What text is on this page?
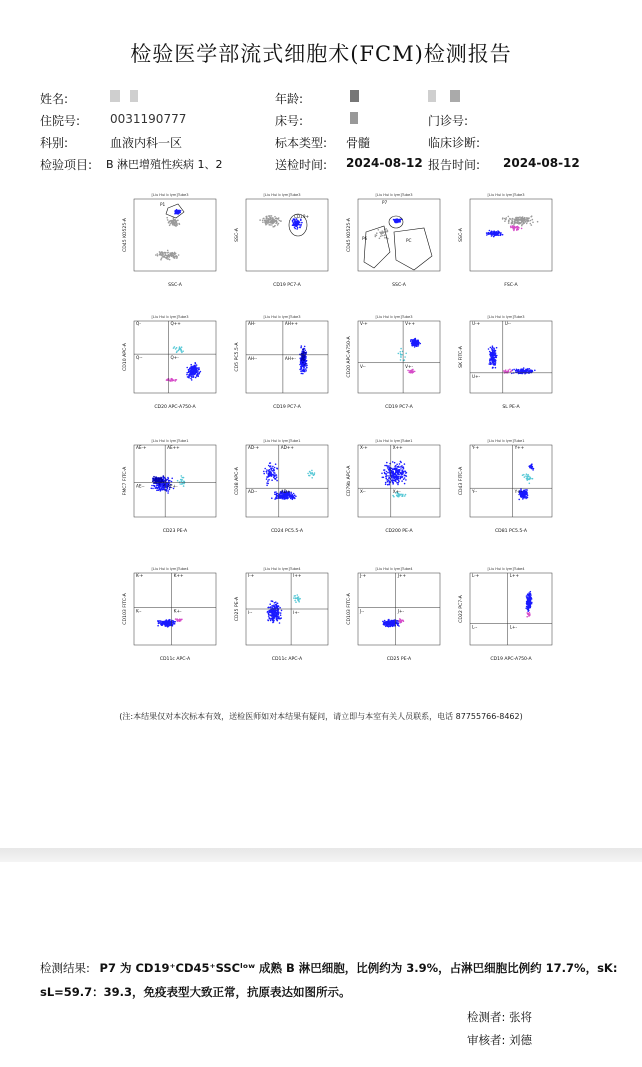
检验医学部流式细胞术(FCM)检测报告
姓名:	年龄:
住院号: 0031190777	床号:	门诊号:
科别:	血液内科一区	标本类型: 骨髓	临床诊断:
检验项目: B 淋巴增殖性疾病 1、2	送检时间: 2024-08-12 报告时间: 2024-08-12
[Liu Hui b lym]Tube3
P1
SSC-A
CD45 KO525-A
[Liu Hui b lym]Tube3
CD19+
CD19 PC7-A
SSC-A
[Liu Hui b lym]Tube3
P7
P6	PC
SSC-A
CD45 KO525-A
[Liu Hui b lym]Tube3
FSC-A
SSC-A
[Liu Hui b lym]Tube3
Q-	Q++
Q--	Q+-
CD20 APC-A750-A
CD10 APC-A
[Liu Hui b lym]Tube3
AH-	AH++
AH--	AH+-
CD19 PC7-A
CD5 PC5.5-A
[Liu Hui b lym]Tube3
V-+	V++
V--	V+-
CD19 PC7-A
CD20 APC-A750-A
[Liu Hui b lym]Tube3
U-+	U--
U+-
SL PE-A
SK FITC-A
[Liu Hui b lym]Tube1
AE-+	AE++
AE--	AE+-
CD23 PE-A
FMC7 FITC-A
[Liu Hui b lym]Tube1
AD-+	AD++
AD--	AD+-
CD24 PC5.5-A
CD38 APC-A
[Liu Hui b lym]Tube1
X-+	X++
X--	X+-
CD200 PE-A
CD79b APC-A
[Liu Hui b lym]Tube1
Y-+	Y++
Y--	Y+-
CD81 PC5.5-A
CD43 FITC-A
[Liu Hui b lym]Tube4
K-+	K++
K--	K+-
CD11c APC-A
CD103 FITC-A
[Liu Hui b lym]Tube4
I-+	I++
I--	I+-
CD11c APC-A
CD25 PE-A
[Liu Hui b lym]Tube4
J-+	J++
J--	J+-
CD25 PE-A
CD103 FITC-A
[Liu Hui b lym]Tube4
L-+	L++
L--	L+-
CD19 APC-A750-A
CD22 PC7-A
(注:本结果仅对本次标本有效，送检医师如对本结果有疑问，请立即与本室有关人员联系，电话 87755766-8462)
检测结果: P7 为 CD19⁺CD45⁺SSCˡᵒʷ 成熟 B 淋巴细胞，比例约为 3.9%，占淋巴细胞比例约 17.7%，sK:
sL=59.7：39.3，免疫表型大致正常，抗原表达如图所示。
检测者: 张将
审核者: 刘德
